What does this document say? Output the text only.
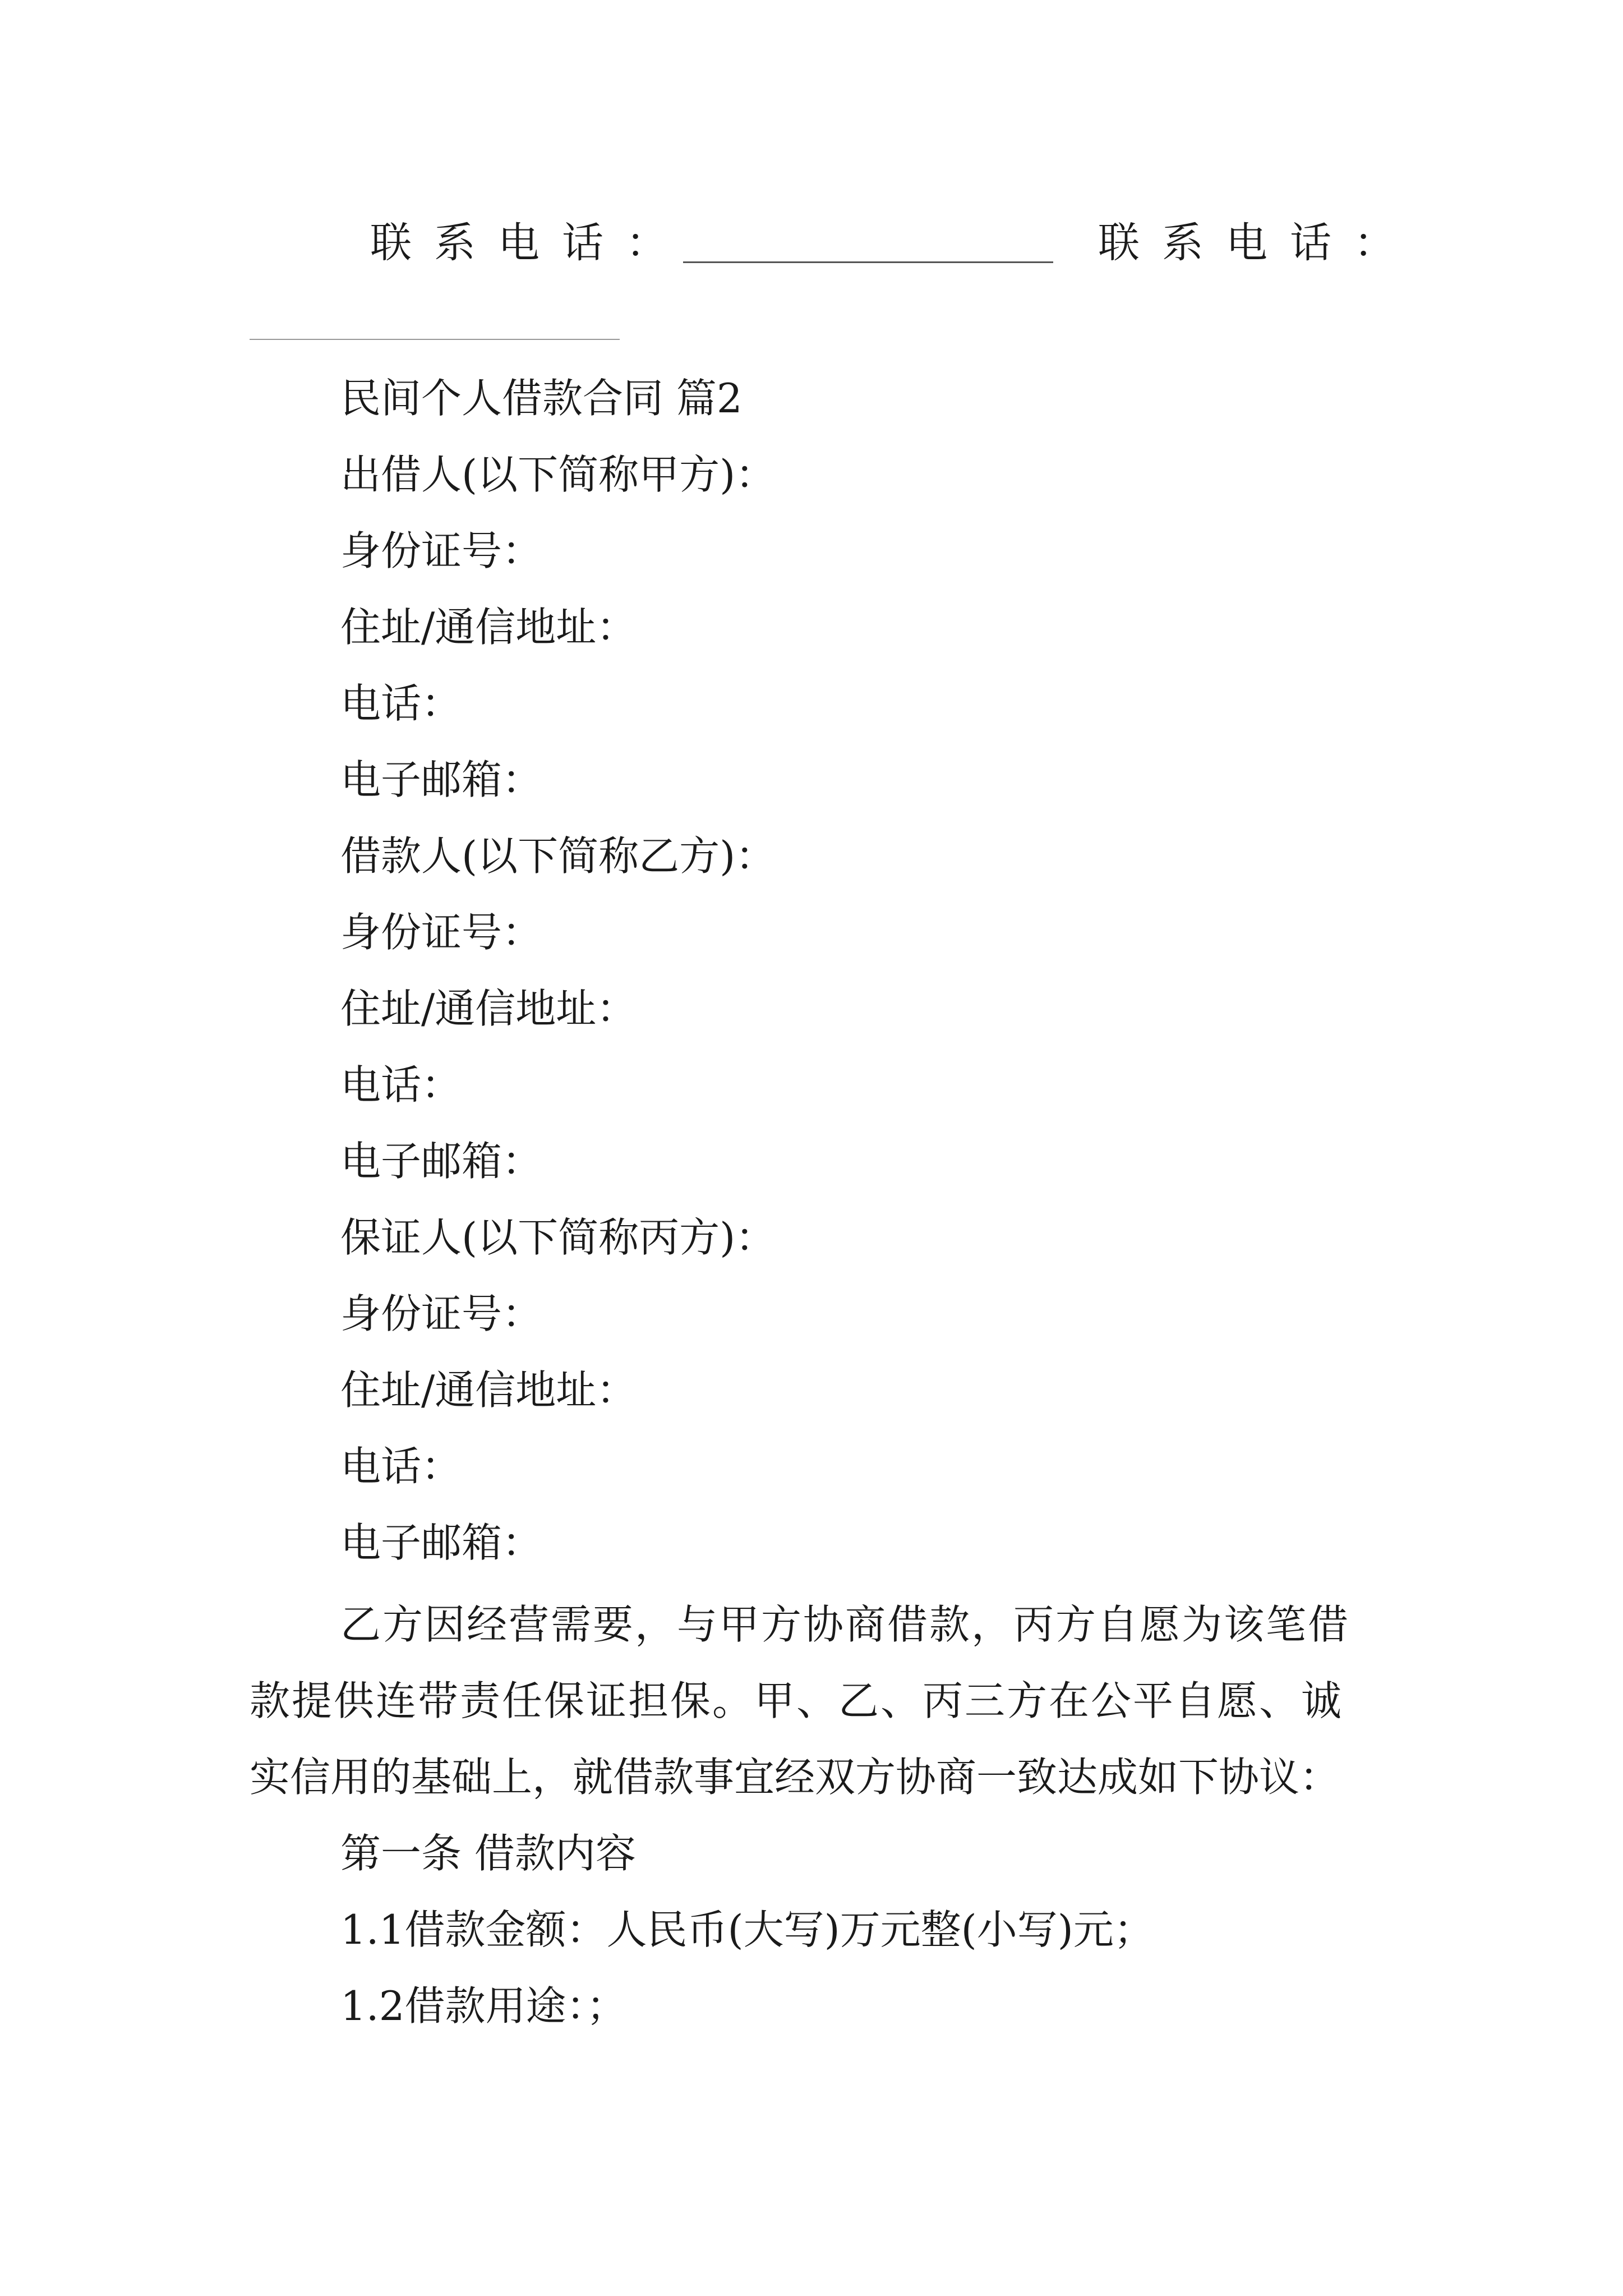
联系电话：	联系电话：
民间个人借款合同 篇2
出借人(以下简称甲方)：
身份证号：
住址/通信地址：
电话：
电子邮箱：
借款人(以下简称乙方)：
身份证号：
住址/通信地址：
电话：
电子邮箱：
保证人(以下简称丙方)：
身份证号：
住址/通信地址：
电话：
电子邮箱：
乙方因经营需要，与甲方协商借款，丙方自愿为该笔借
款提供连带责任保证担保。甲、乙、丙三方在公平自愿、诚
实信用的基础上，就借款事宜经双方协商一致达成如下协议：
第一条 借款内容
1.1借款金额：人民币(大写)万元整(小写)元；
1.2借款用途：；
